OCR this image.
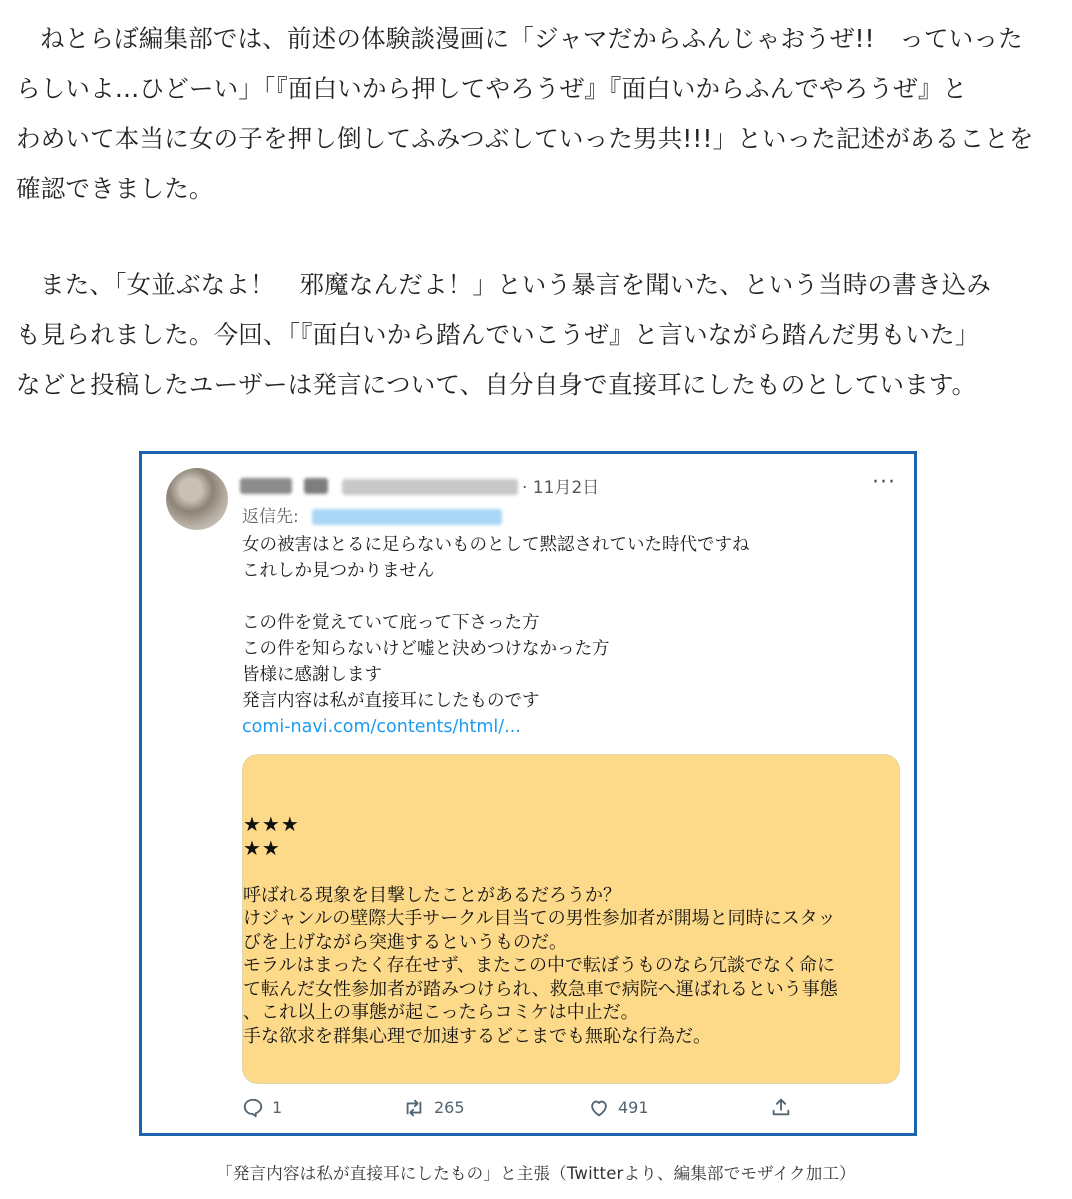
ねとらぼ編集部では、前述の体験談漫画に「ジャマだからふんじゃおうぜ!!　っていった
らしいよ…ひどーい」「『面白いから押してやろうぜ』『面白いからふんでやろうぜ』と
わめいて本当に女の子を押し倒してふみつぶしていった男共!!!」といった記述があることを
確認できました。

また、「女並ぶなよ！　邪魔なんだよ！」という暴言を聞いた、という当時の書き込み
も見られました。今回、「『面白いから踏んでいこうぜ』と言いながら踏んだ男もいた」
などと投稿したユーザーは発言について、自分自身で直接耳にしたものとしています。

· 11月2日	···
返信先:
女の被害はとるに足らないものとして黙認されていた時代ですね
これしか見つかりません
この件を覚えていて庇って下さった方
この件を知らないけど嘘と決めつけなかった方
皆様に感謝します
発言内容は私が直接耳にしたものです
comi-navi.com/contents/html/...
★★★
★★
呼ばれる現象を目撃したことがあるだろうか？
けジャンルの壁際大手サークル目当ての男性参加者が開場と同時にスタッ
びを上げながら突進するというものだ。
モラルはまったく存在せず、またこの中で転ぼうものなら冗談でなく命に
て転んだ女性参加者が踏みつけられ、救急車で病院へ運ばれるという事態
、これ以上の事態が起こったらコミケは中止だ。
手な欲求を群集心理で加速するどこまでも無恥な行為だ。
1	265	491
「発言内容は私が直接耳にしたもの」と主張（Twitterより、編集部でモザイク加工）
